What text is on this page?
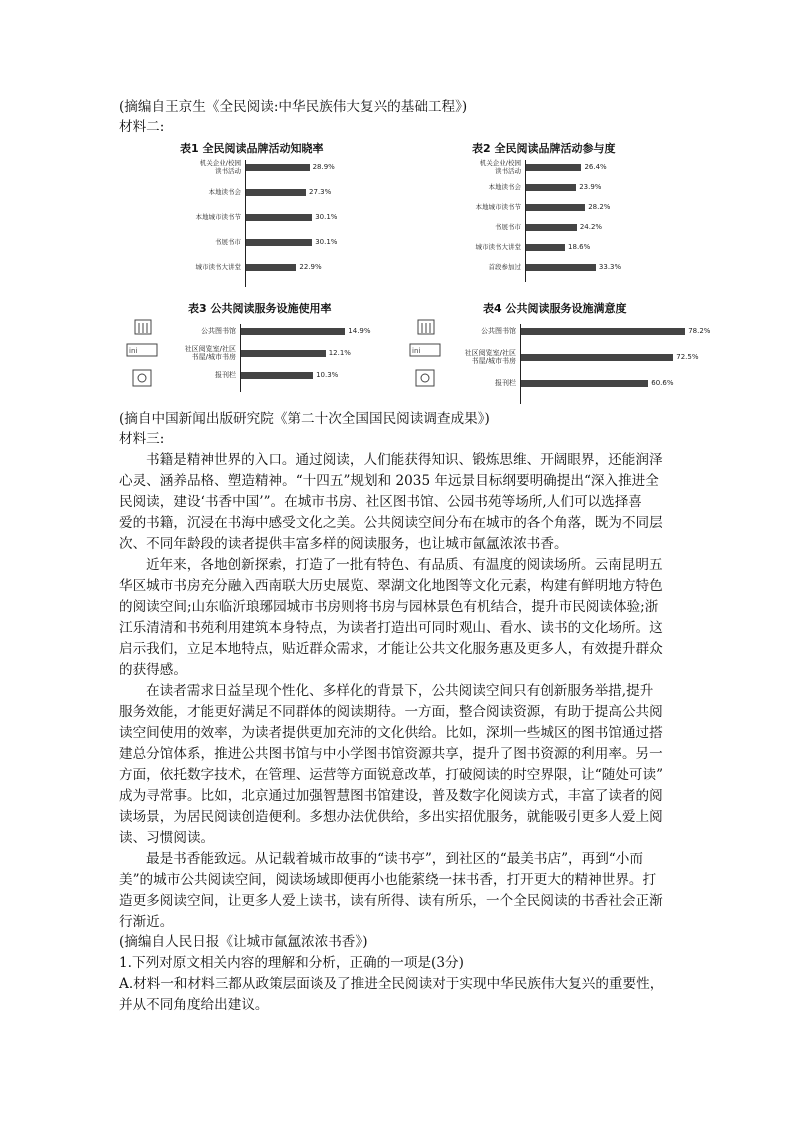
(摘编自王京生《全民阅读:中华民族伟大复兴的基础工程》)
材料二:
表1 全民阅读品牌活动知晓率
机关企业/校园
读书活动	28.9%
本地读书会	27.3%
本地城市读书节	30.1%
书展书市	30.1%
城市读书大讲堂	22.9%
表2 全民阅读品牌活动参与度
机关企业/校园
读书活动	26.4%
本地读书会	23.9%
本地城市读书节	28.2%
书展书市	24.2%
城市读书大讲堂	18.6%
首段参加过	33.3%
表3 公共阅读服务设施使用率
公共图书馆	14.9%
社区阅览室/社区
书屋/城市书房	12.1%
报刊栏	10.3%
表4 公共阅读服务设施满意度
公共图书馆	78.2%
社区阅览室/社区
书屋/城市书房	72.5%
报刊栏	60.6%
ini	ini
(摘自中国新闻出版研究院《第二十次全国国民阅读调查成果》)
材料三:
书籍是精神世界的入口。通过阅读，人们能获得知识、锻炼思维、开阔眼界，还能润泽
心灵、涵养品格、塑造精神。“十四五”规划和 2035 年远景目标纲要明确提出“深入推进全
民阅读，建设‘书香中国’”。在城市书房、社区图书馆、公园书苑等场所,人们可以选择喜
爱的书籍，沉浸在书海中感受文化之美。公共阅读空间分布在城市的各个角落，既为不同层
次、不同年龄段的读者提供丰富多样的阅读服务，也让城市氤氲浓浓书香。
近年来，各地创新探索，打造了一批有特色、有品质、有温度的阅读场所。云南昆明五
华区城市书房充分融入西南联大历史展览、翠湖文化地图等文化元素，构建有鲜明地方特色
的阅读空间;山东临沂琅琊园城市书房则将书房与园林景色有机结合，提升市民阅读体验;浙
江乐清清和书苑利用建筑本身特点，为读者打造出可同时观山、看水、读书的文化场所。这
启示我们，立足本地特点，贴近群众需求，才能让公共文化服务惠及更多人，有效提升群众
的获得感。
在读者需求日益呈现个性化、多样化的背景下，公共阅读空间只有创新服务举措,提升
服务效能，才能更好满足不同群体的阅读期待。一方面，整合阅读资源，有助于提高公共阅
读空间使用的效率，为读者提供更加充沛的文化供给。比如，深圳一些城区的图书馆通过搭
建总分馆体系，推进公共图书馆与中小学图书馆资源共享，提升了图书资源的利用率。另一
方面，依托数字技术，在管理、运营等方面锐意改革，打破阅读的时空界限，让“随处可读”
成为寻常事。比如，北京通过加强智慧图书馆建设，普及数字化阅读方式，丰富了读者的阅
读场景，为居民阅读创造便利。多想办法优供给，多出实招优服务，就能吸引更多人爱上阅
读、习惯阅读。
最是书香能致远。从记载着城市故事的“读书亭”，到社区的“最美书店”，再到“小而
美”的城市公共阅读空间，阅读场域即便再小也能萦绕一抹书香，打开更大的精神世界。打
造更多阅读空间，让更多人爱上读书，读有所得、读有所乐，一个全民阅读的书香社会正渐
行渐近。
(摘编自人民日报《让城市氤氲浓浓书香》)
1.下列对原文相关内容的理解和分析，正确的一项是(3分)
A.材料一和材料三都从政策层面谈及了推进全民阅读对于实现中华民族伟大复兴的重要性，
并从不同角度给出建议。
